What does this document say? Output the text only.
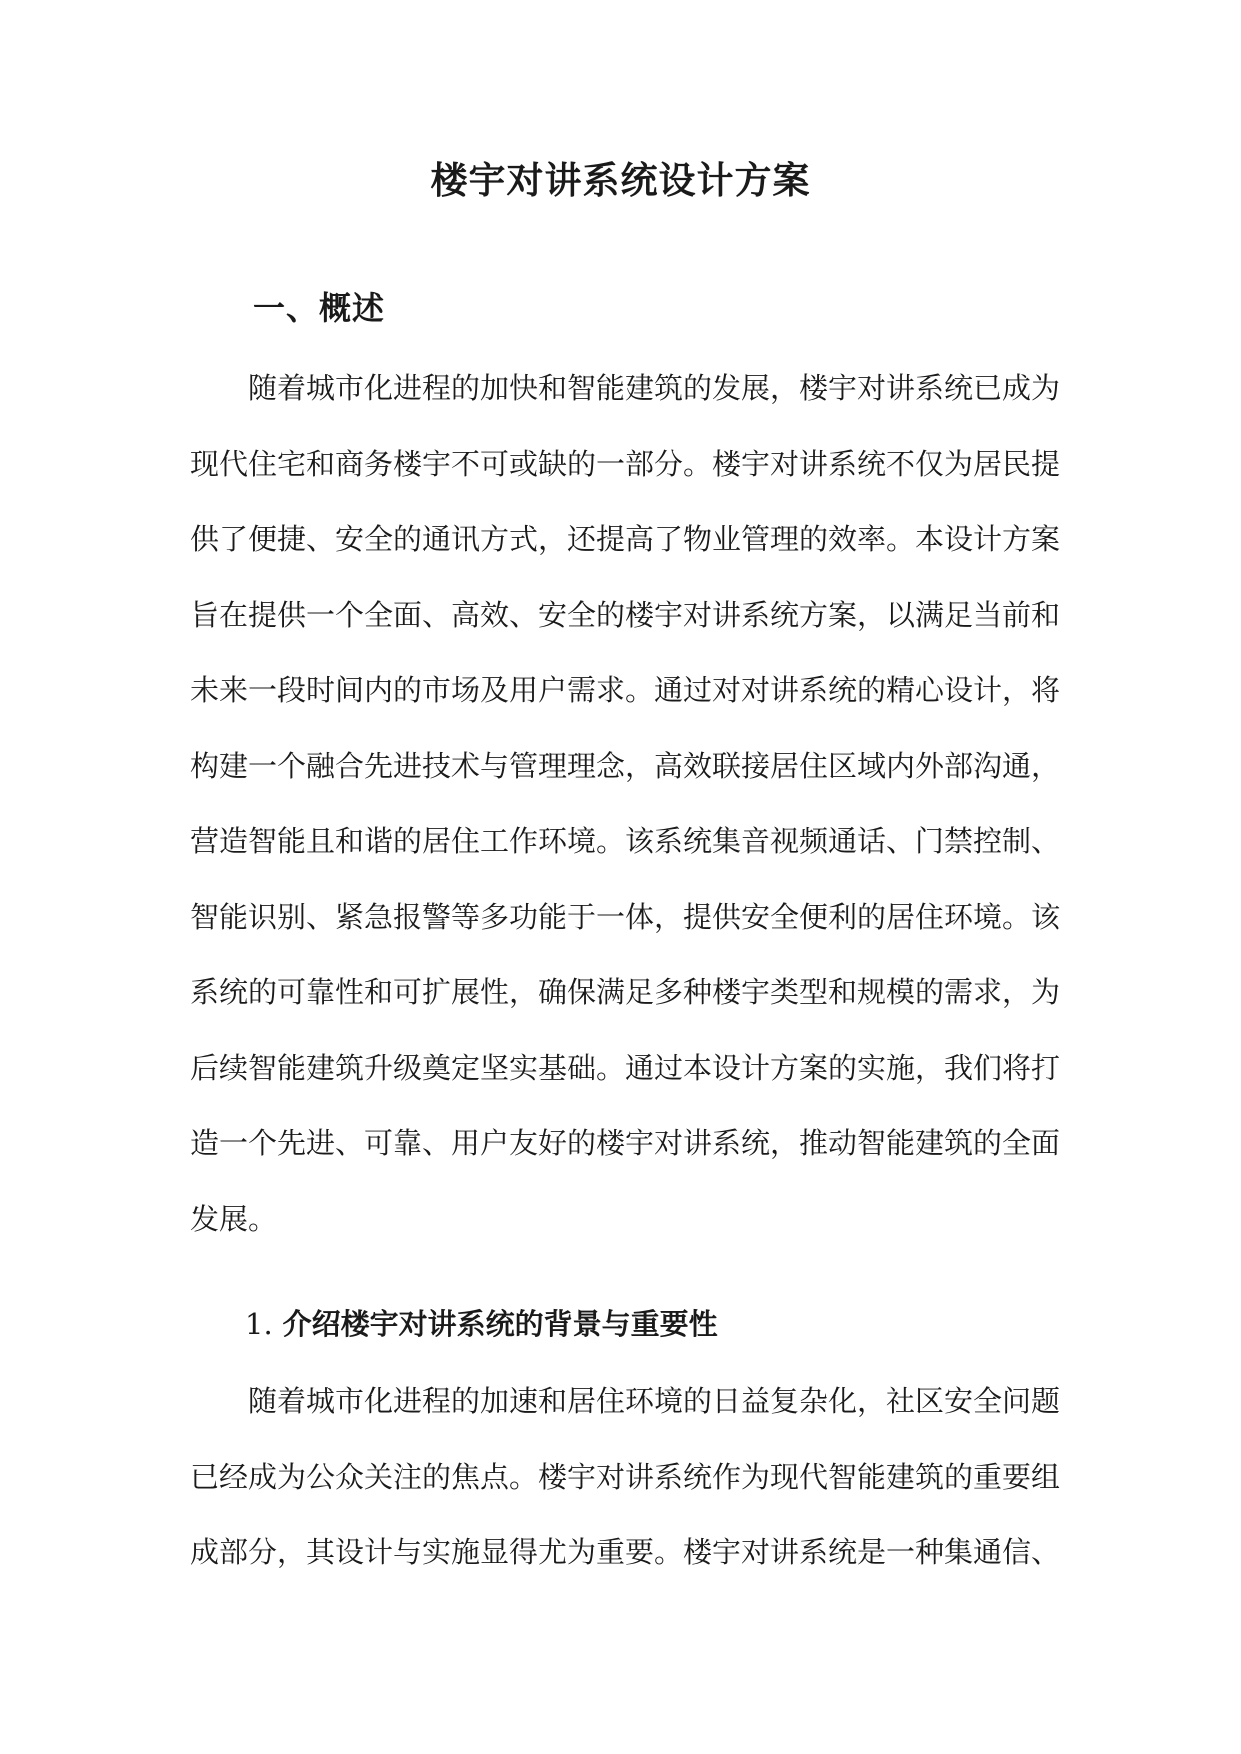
楼宇对讲系统设计方案
一、概述
随着城市化进程的加快和智能建筑的发展，楼宇对讲系统已成为
现代住宅和商务楼宇不可或缺的一部分。楼宇对讲系统不仅为居民提
供了便捷、安全的通讯方式，还提高了物业管理的效率。本设计方案
旨在提供一个全面、高效、安全的楼宇对讲系统方案，以满足当前和
未来一段时间内的市场及用户需求。通过对对讲系统的精心设计，将
构建一个融合先进技术与管理理念，高效联接居住区域内外部沟通，
营造智能且和谐的居住工作环境。该系统集音视频通话、门禁控制、
智能识别、紧急报警等多功能于一体，提供安全便利的居住环境。该
系统的可靠性和可扩展性，确保满足多种楼宇类型和规模的需求，为
后续智能建筑升级奠定坚实基础。通过本设计方案的实施，我们将打
造一个先进、可靠、用户友好的楼宇对讲系统，推动智能建筑的全面
发展。
1. 介绍楼宇对讲系统的背景与重要性
随着城市化进程的加速和居住环境的日益复杂化，社区安全问题
已经成为公众关注的焦点。楼宇对讲系统作为现代智能建筑的重要组
成部分，其设计与实施显得尤为重要。楼宇对讲系统是一种集通信、
